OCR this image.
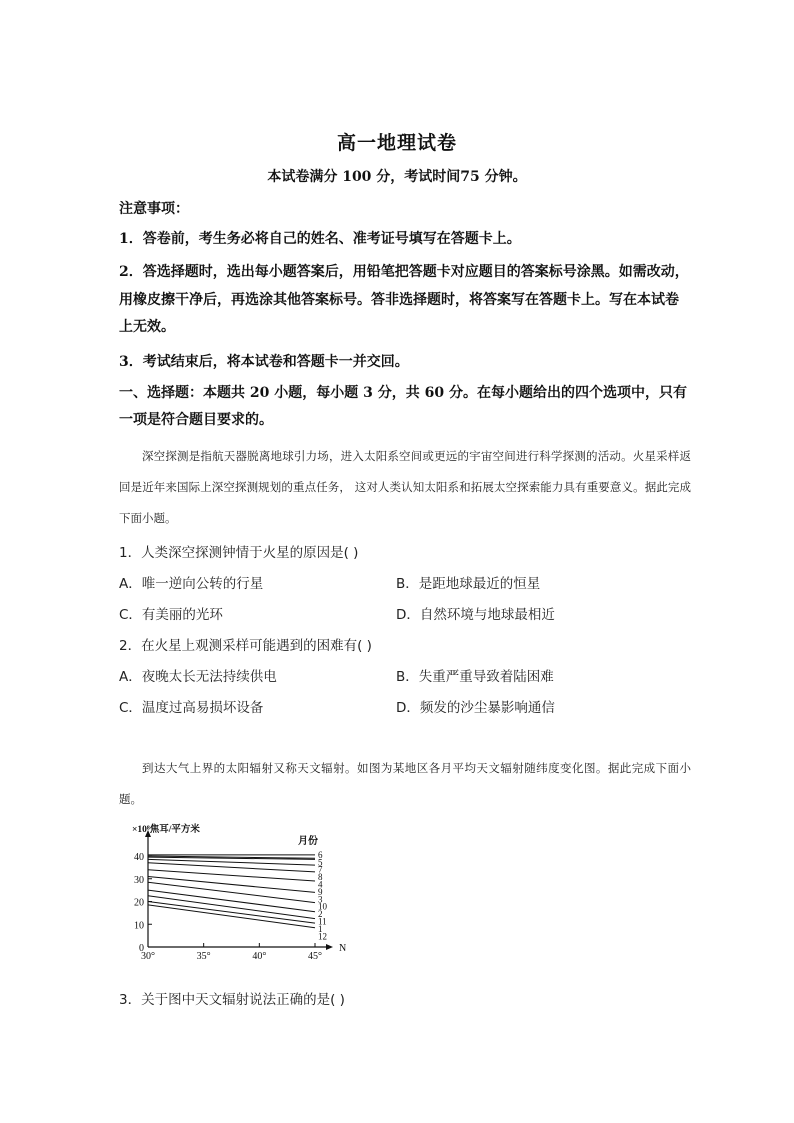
高一地理试卷
本试卷满分 100 分，考试时间75 分钟。
注意事项：
1．答卷前，考生务必将自己的姓名、准考证号填写在答题卡上。
2．答选择题时，选出每小题答案后，用铅笔把答题卡对应题目的答案标号涂黑。如需改动，用橡皮擦干净后，再选涂其他答案标号。答非选择题时，将答案写在答题卡上。写在本试卷上无效。
3．考试结束后，将本试卷和答题卡一并交回。
一、选择题：本题共 20 小题，每小题 3 分，共 60 分。在每小题给出的四个选项中，只有一项是符合题目要求的。
深空探测是指航天器脱离地球引力场，进入太阳系空间或更远的宇宙空间进行科学探测的活动。火星采样返回是近年来国际上深空探测规划的重点任务， 这对人类认知太阳系和拓展太空探索能力具有重要意义。据此完成下面小题。
1．人类深空探测钟情于火星的原因是( )
A．唯一逆向公转的行星	B．是距地球最近的恒星
C．有美丽的光环	D．自然环境与地球最相近
2．在火星上观测采样可能遇到的困难有( )
A．夜晚太长无法持续供电	B．失重严重导致着陆困难
C．温度过高易损坏设备	D．频发的沙尘暴影响通信
到达大气上界的太阳辐射又称天文辐射。如图为某地区各月平均天文辐射随纬度变化图。据此完成下面小题。
0
10
20
30
40
30°	35°	40°	45°
N
×10⁸焦耳/平方米
月份
6
5
7
8
4
9
3
10
2
11
1
12
3．关于图中天文辐射说法正确的是( )
